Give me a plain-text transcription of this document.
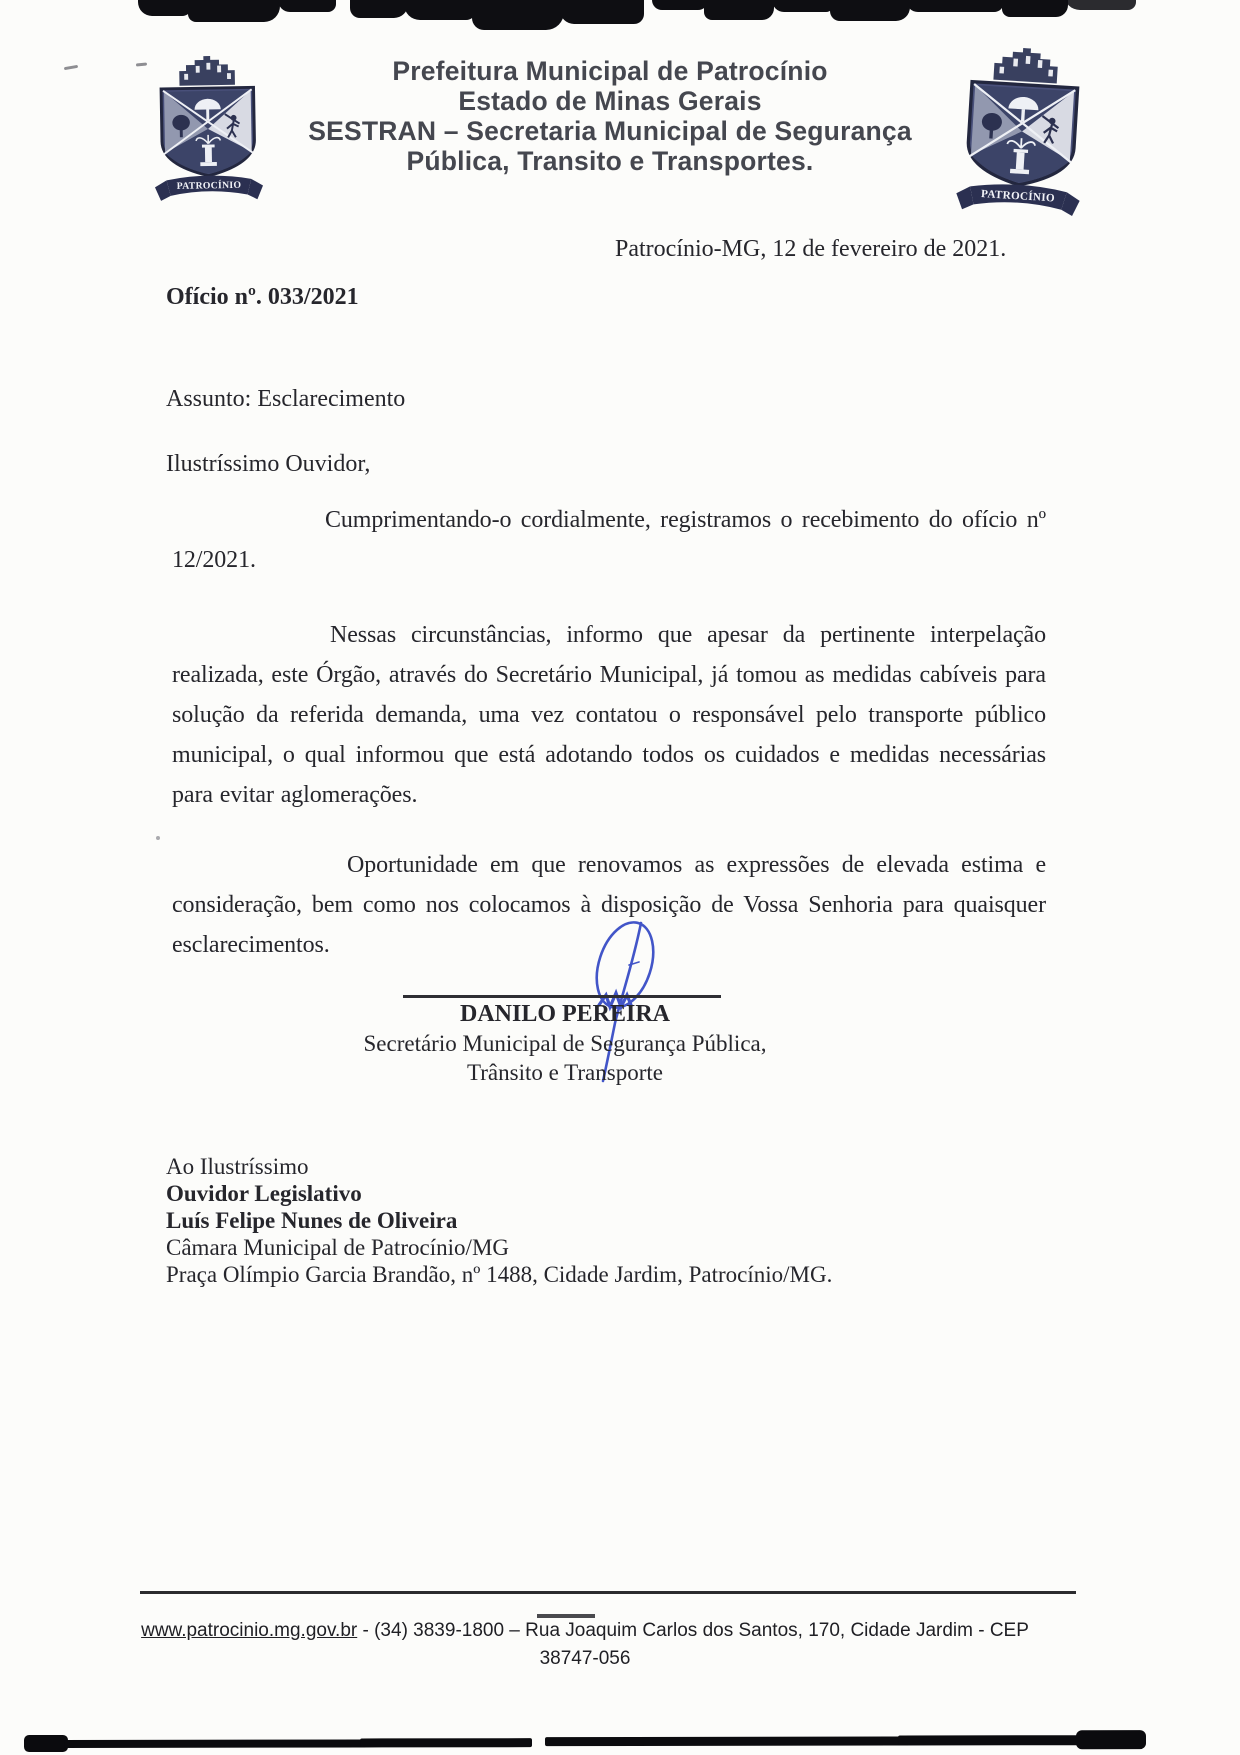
PATROCÍNIO
Prefeitura Municipal de Patrocínio
Estado de Minas Gerais
SESTRAN – Secretaria Municipal de Segurança
Pública, Transito e Transportes.
Patrocínio-MG, 12 de fevereiro de 2021.
Ofício nº. 033/2021
Assunto: Esclarecimento
Ilustríssimo Ouvidor,

Cumprimentando-o cordialmente, registramos o recebimento do ofício nº 12/2021.

Nessas circunstâncias, informo que apesar da pertinente interpelação realizada, este Órgão, através do Secretário Municipal, já tomou as medidas cabíveis para solução da referida demanda, uma vez contatou o responsável pelo transporte público municipal, o qual informou que está adotando todos os cuidados e medidas necessárias para evitar aglomerações.

Oportunidade em que renovamos as expressões de elevada estima e consideração, bem como nos colocamos à disposição de Vossa Senhoria para quaisquer esclarecimentos.

DANILO PEREIRA
Secretário Municipal de Segurança Pública,
Trânsito e Transporte
Ao Ilustríssimo
Ouvidor Legislativo
Luís Felipe Nunes de Oliveira
Câmara Municipal de Patrocínio/MG
Praça Olímpio Garcia Brandão, nº 1488, Cidade Jardim, Patrocínio/MG.
www.patrocinio.mg.gov.br - (34) 3839-1800 – Rua Joaquim Carlos dos Santos, 170, Cidade Jardim - CEP
38747-056
